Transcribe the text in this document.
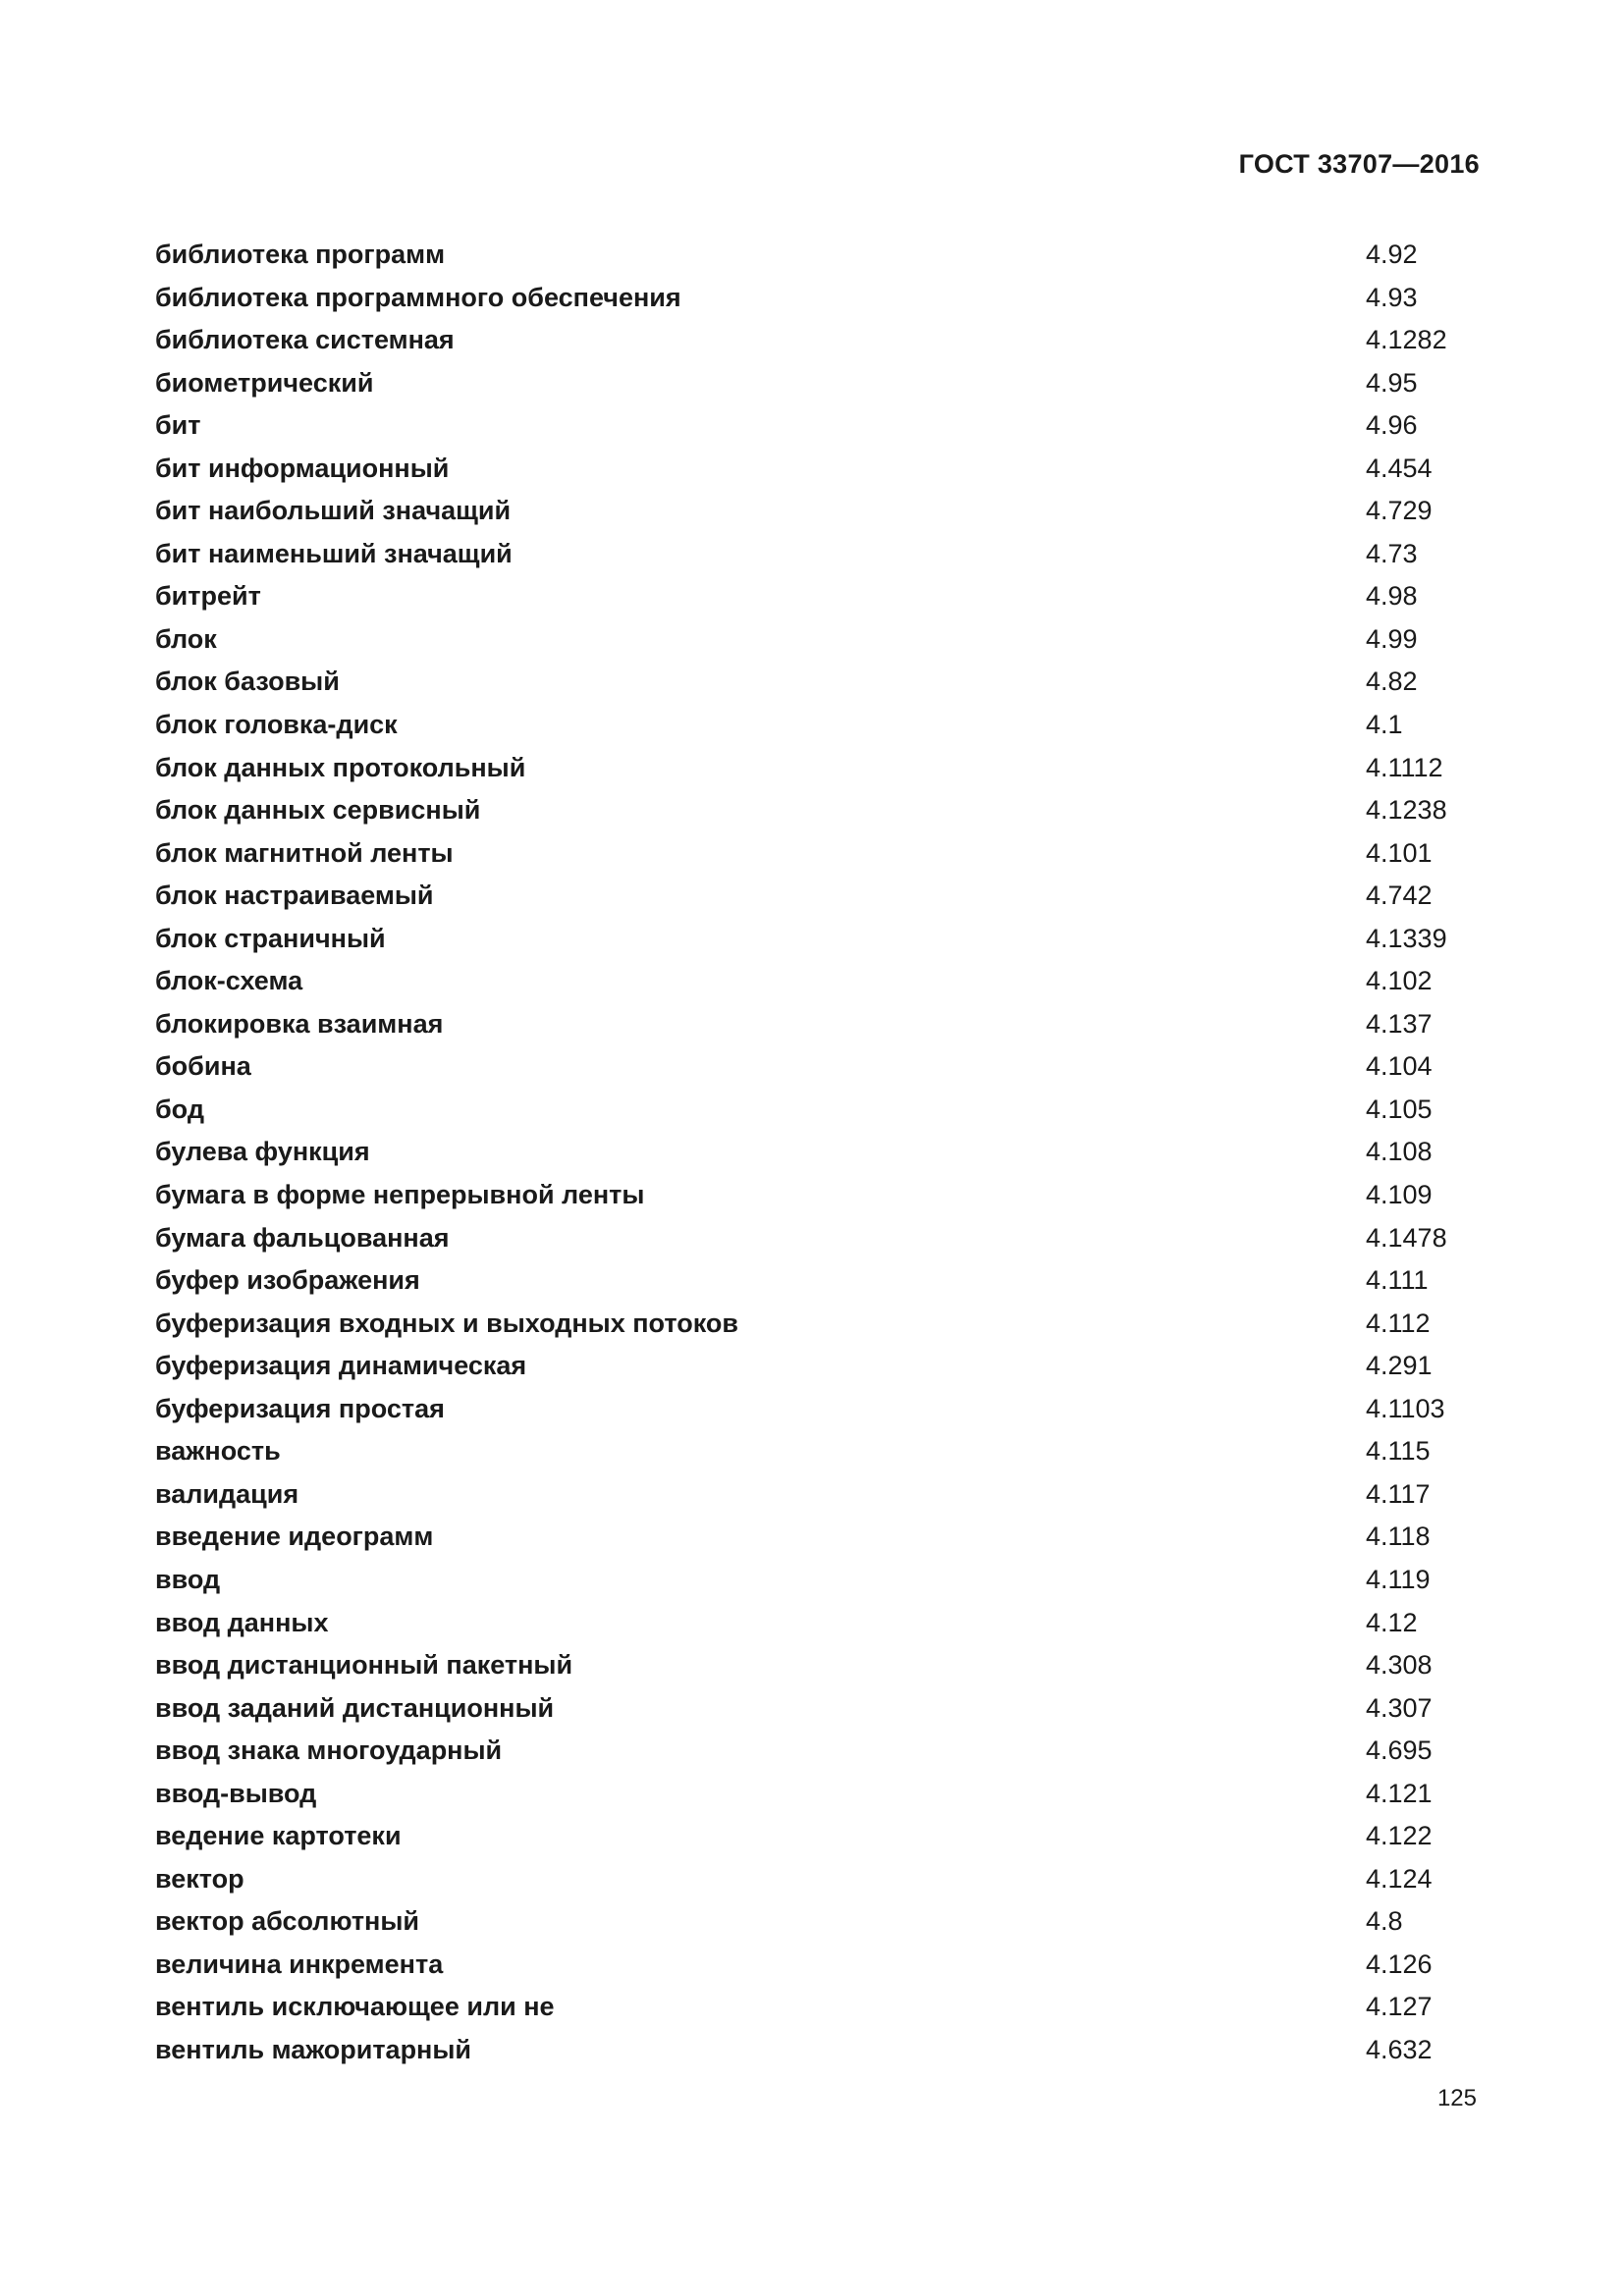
ГОСТ 33707—2016
библиотека программ	4.92
библиотека программного обеспечения	4.93
библиотека системная	4.1282
биометрический	4.95
бит	4.96
бит информационный	4.454
бит наибольший значащий	4.729
бит наименьший значащий	4.73
битрейт	4.98
блок	4.99
блок базовый	4.82
блок головка-диск	4.1
блок данных протокольный	4.1112
блок данных сервисный	4.1238
блок магнитной ленты	4.101
блок настраиваемый	4.742
блок страничный	4.1339
блок-схема	4.102
блокировка взаимная	4.137
бобина	4.104
бод	4.105
булева функция	4.108
бумага в форме непрерывной ленты	4.109
бумага фальцованная	4.1478
буфер изображения	4.111
буферизация входных и выходных потоков	4.112
буферизация динамическая	4.291
буферизация простая	4.1103
важность	4.115
валидация	4.117
введение идеограмм	4.118
ввод	4.119
ввод данных	4.12
ввод дистанционный пакетный	4.308
ввод заданий дистанционный	4.307
ввод знака многоударный	4.695
ввод-вывод	4.121
ведение картотеки	4.122
вектор	4.124
вектор абсолютный	4.8
величина инкремента	4.126
вентиль исключающее или не	4.127
вентиль мажоритарный	4.632
125
